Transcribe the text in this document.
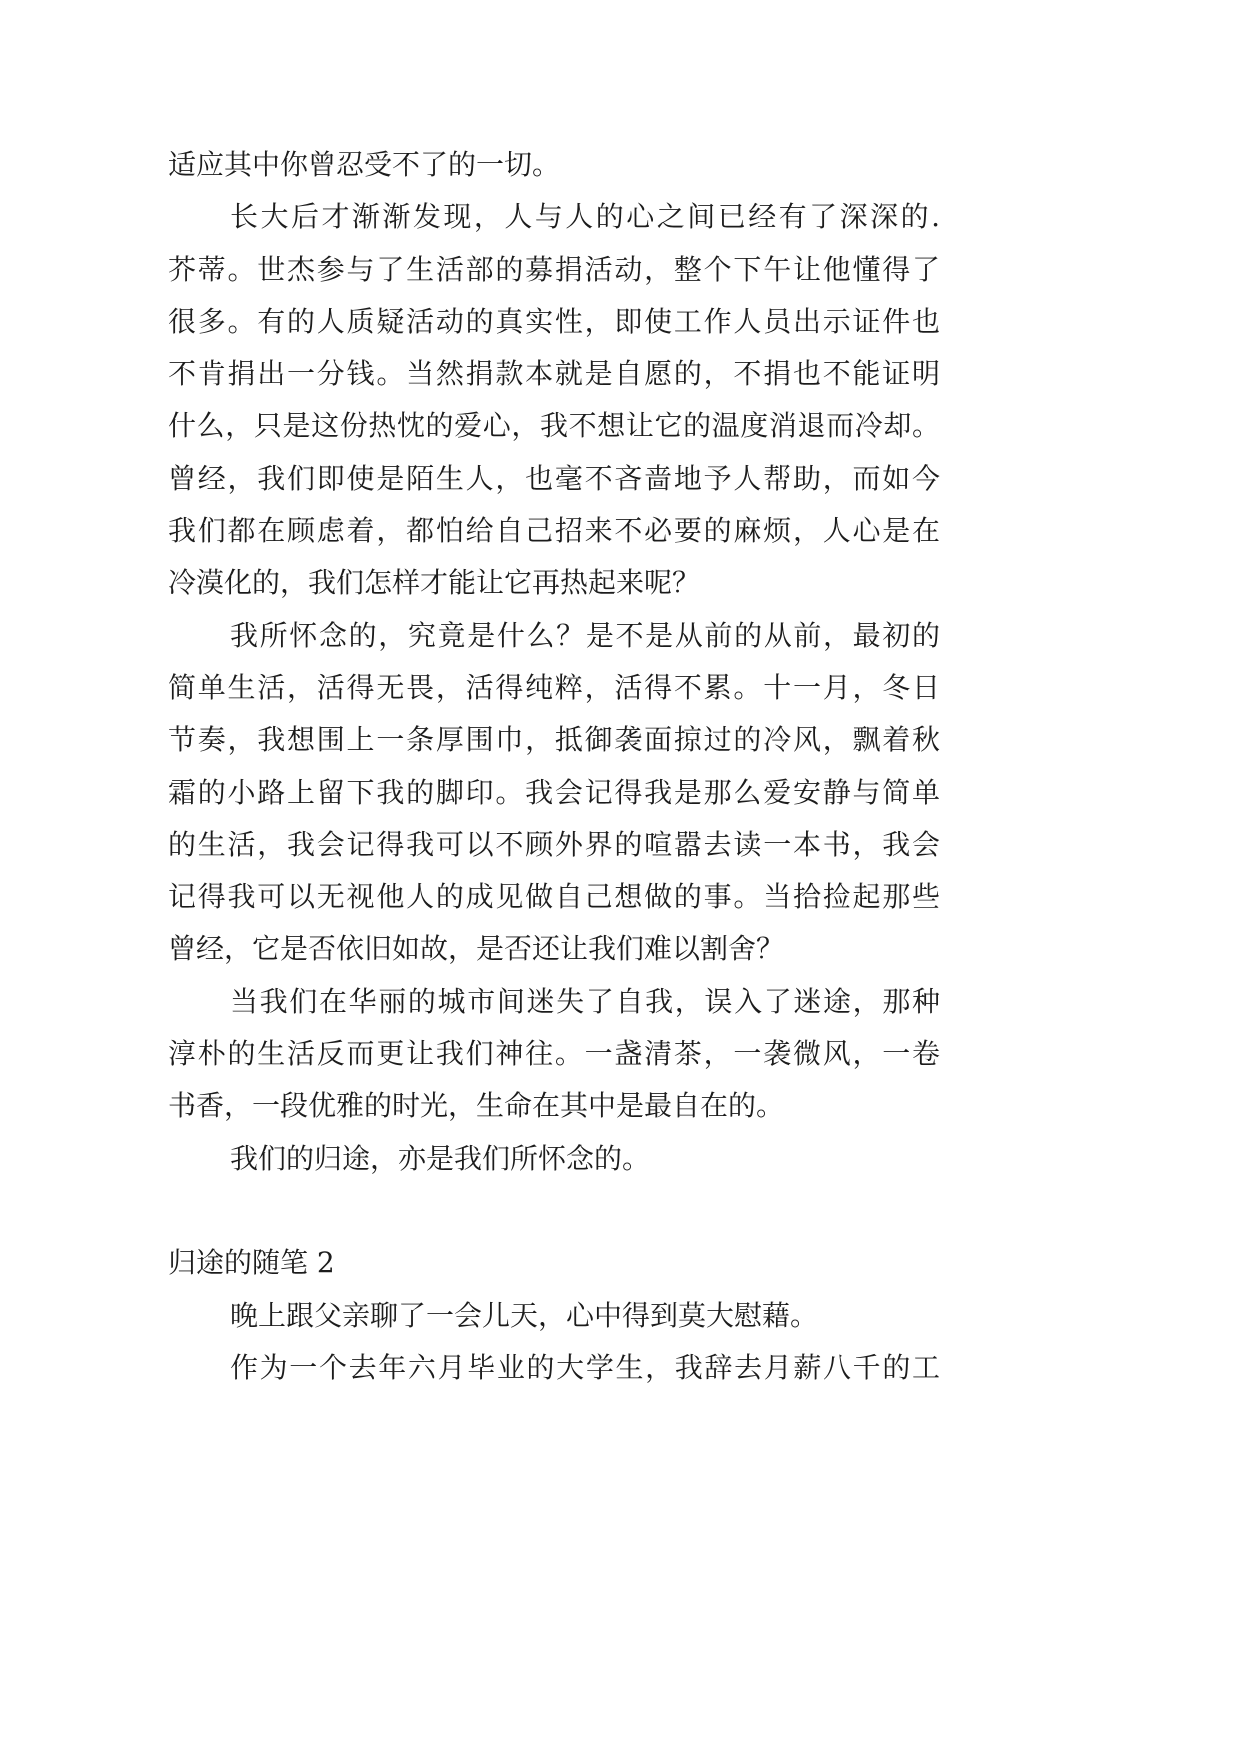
适应其中你曾忍受不了的一切。
长大后才渐渐发现，人与人的心之间已经有了深深的.
芥蒂。世杰参与了生活部的募捐活动，整个下午让他懂得了
很多。有的人质疑活动的真实性，即使工作人员出示证件也
不肯捐出一分钱。当然捐款本就是自愿的，不捐也不能证明
什么，只是这份热忱的爱心，我不想让它的温度消退而冷却。
曾经，我们即使是陌生人，也毫不吝啬地予人帮助，而如今
我们都在顾虑着，都怕给自己招来不必要的麻烦，人心是在
冷漠化的，我们怎样才能让它再热起来呢？
我所怀念的，究竟是什么？是不是从前的从前，最初的
简单生活，活得无畏，活得纯粹，活得不累。十一月，冬日
节奏，我想围上一条厚围巾，抵御袭面掠过的冷风，飘着秋
霜的小路上留下我的脚印。我会记得我是那么爱安静与简单
的生活，我会记得我可以不顾外界的喧嚣去读一本书，我会
记得我可以无视他人的成见做自己想做的事。当拾捡起那些
曾经，它是否依旧如故，是否还让我们难以割舍？
当我们在华丽的城市间迷失了自我，误入了迷途，那种
淳朴的生活反而更让我们神往。一盏清茶，一袭微风，一卷
书香，一段优雅的时光，生命在其中是最自在的。
我们的归途，亦是我们所怀念的。
归途的随笔 2
晚上跟父亲聊了一会儿天，心中得到莫大慰藉。
作为一个去年六月毕业的大学生，我辞去月薪八千的工
